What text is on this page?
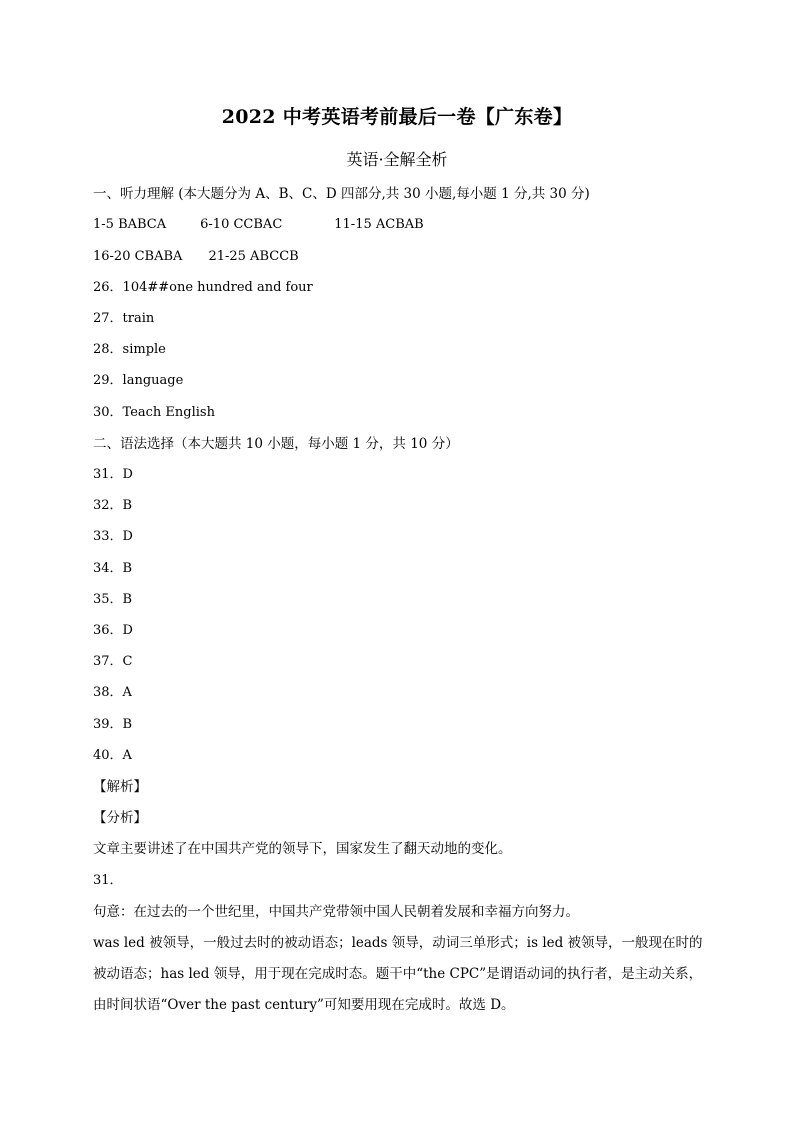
2022 中考英语考前最后一卷【广东卷】
英语·全解全析
一、听力理解 (本大题分为 A、B、C、D 四部分,共 30 小题,每小题 1 分,共 30 分)
1-5 BABCA	6-10 CCBAC	11-15 ACBAB
16-20 CBABA 21-25 ABCCB
26．104##one hundred and four
27．train
28．simple
29．language
30．Teach English
二、语法选择（本大题共 10 小题，每小题 1 分，共 10 分）
31．D
32．B
33．D
34．B
35．B
36．D
37．C
38．A
39．B
40．A
【解析】
【分析】
文章主要讲述了在中国共产党的领导下，国家发生了翻天动地的变化。
31．
句意：在过去的一个世纪里，中国共产党带领中国人民朝着发展和幸福方向努力。
was led 被领导，一般过去时的被动语态；leads 领导，动词三单形式；is led 被领导，一般现在时的
被动语态；has led 领导，用于现在完成时态。题干中“the CPC”是谓语动词的执行者，是主动关系，
由时间状语“Over the past century”可知要用现在完成时。故选 D。
